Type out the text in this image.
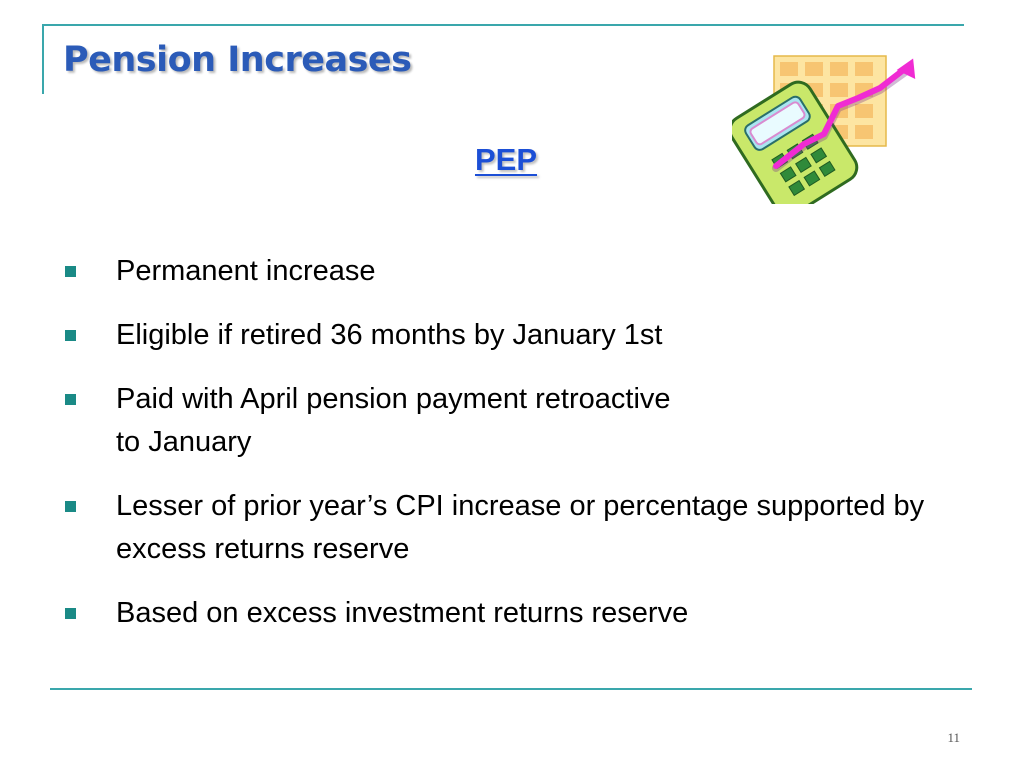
Pension Increases
PEP
Permanent increase
Eligible if retired 36 months by January 1st
Paid with April pension payment retroactive
to January
Lesser of prior year’s CPI increase or percentage supported by excess returns reserve
Based on excess investment returns reserve
11
